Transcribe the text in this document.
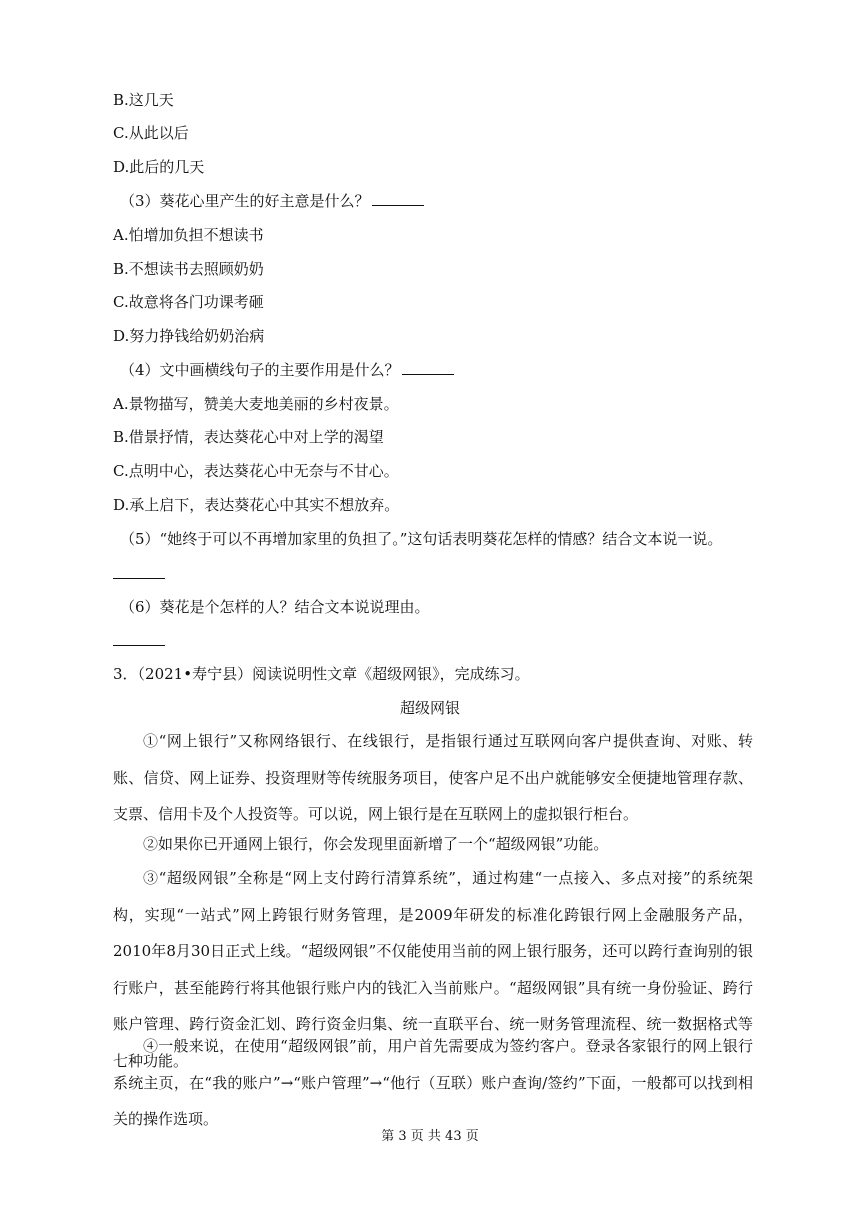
B.这几天
C.从此以后
D.此后的几天
（3）葵花心里产生的好主意是什么？
A.怕增加负担不想读书
B.不想读书去照顾奶奶
C.故意将各门功课考砸
D.努力挣钱给奶奶治病
（4）文中画横线句子的主要作用是什么？
A.景物描写，赞美大麦地美丽的乡村夜景。
B.借景抒情，表达葵花心中对上学的渴望
C.点明中心，表达葵花心中无奈与不甘心。
D.承上启下，表达葵花心中其实不想放弃。
（5）“她终于可以不再增加家里的负担了。”这句话表明葵花怎样的情感？结合文本说一说。
（6）葵花是个怎样的人？结合文本说说理由。
3．（2021•寿宁县）阅读说明性文章《超级网银》，完成练习。
超级网银
①“网上银行”又称网络银行、在线银行，是指银行通过互联网向客户提供查询、对账、转账、信贷、网上证券、投资理财等传统服务项目，使客户足不出户就能够安全便捷地管理存款、支票、信用卡及个人投资等。可以说，网上银行是在互联网上的虚拟银行柜台。
②如果你已开通网上银行，你会发现里面新增了一个“超级网银”功能。
③“超级网银”全称是“网上支付跨行清算系统”，通过构建“一点接入、多点对接”的系统架构，实现“一站式”网上跨银行财务管理，是2009年研发的标准化跨银行网上金融服务产品，2010年8月30日正式上线。“超级网银”不仅能使用当前的网上银行服务，还可以跨行查询别的银行账户，甚至能跨行将其他银行账户内的钱汇入当前账户。“超级网银”具有统一身份验证、跨行账户管理、跨行资金汇划、跨行资金归集、统一直联平台、统一财务管理流程、统一数据格式等七种功能。
④一般来说，在使用“超级网银”前，用户首先需要成为签约客户。登录各家银行的网上银行系统主页，在“我的账户”→“账户管理”→“他行（互联）账户查询/签约”下面，一般都可以找到相关的操作选项。
第 3 页 共 43 页
